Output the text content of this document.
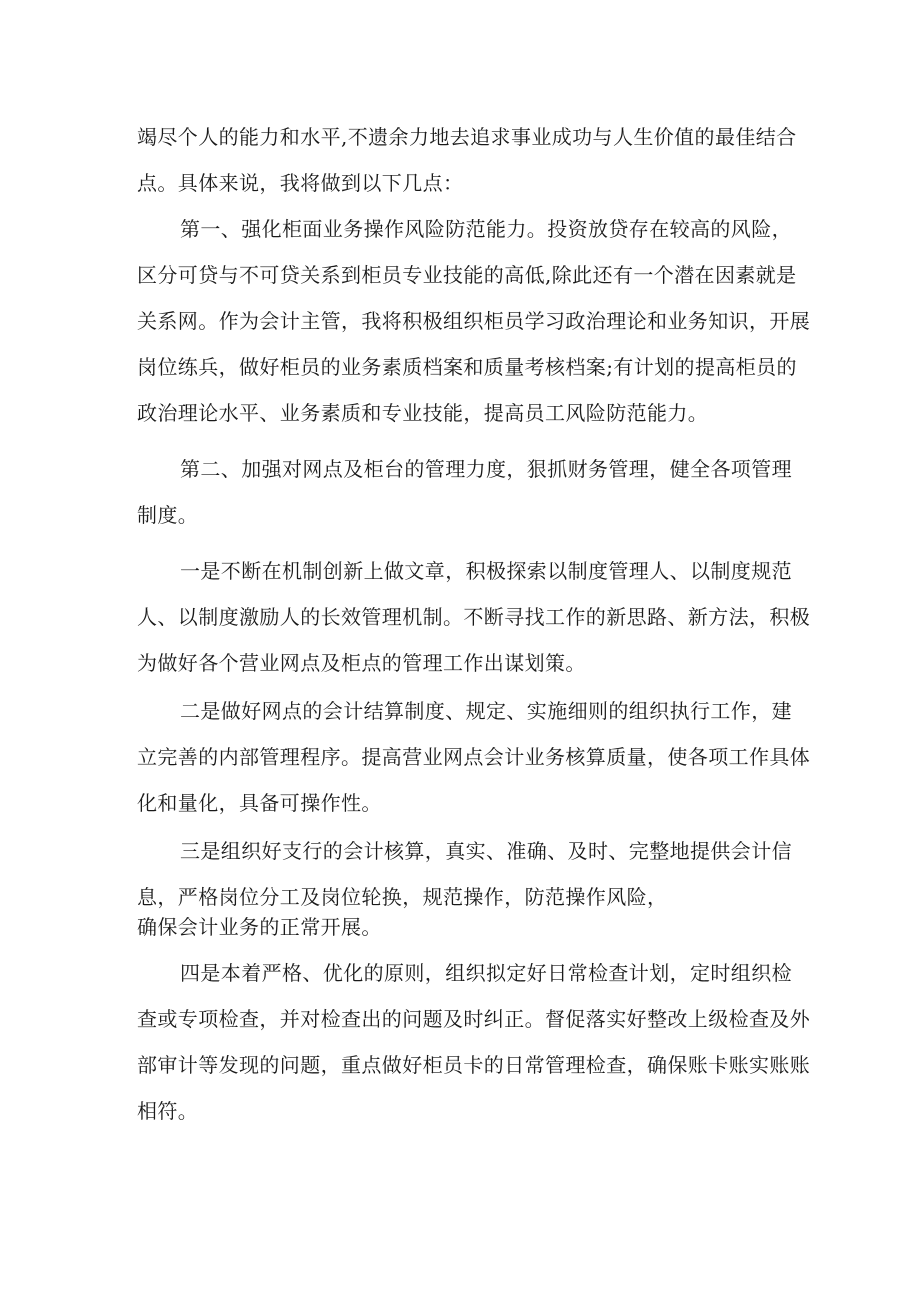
竭尽个人的能力和水平,不遗余力地去追求事业成功与人生价值的最佳结合
点。具体来说，我将做到以下几点：
第一、强化柜面业务操作风险防范能力。投资放贷存在较高的风险，
区分可贷与不可贷关系到柜员专业技能的高低,除此还有一个潜在因素就是
关系网。作为会计主管，我将积极组织柜员学习政治理论和业务知识，开展
岗位练兵，做好柜员的业务素质档案和质量考核档案;有计划的提高柜员的
政治理论水平、业务素质和专业技能，提高员工风险防范能力。
第二、加强对网点及柜台的管理力度，狠抓财务管理，健全各项管理
制度。
一是不断在机制创新上做文章，积极探索以制度管理人、以制度规范
人、以制度激励人的长效管理机制。不断寻找工作的新思路、新方法，积极
为做好各个营业网点及柜点的管理工作出谋划策。
二是做好网点的会计结算制度、规定、实施细则的组织执行工作，建
立完善的内部管理程序。提高营业网点会计业务核算质量，使各项工作具体
化和量化，具备可操作性。
三是组织好支行的会计核算，真实、准确、及时、完整地提供会计信
息，严格岗位分工及岗位轮换，规范操作，防范操作风险，
确保会计业务的正常开展。
四是本着严格、优化的原则，组织拟定好日常检查计划，定时组织检
查或专项检查，并对检查出的问题及时纠正。督促落实好整改上级检查及外
部审计等发现的问题，重点做好柜员卡的日常管理检查，确保账卡账实账账
相符。
